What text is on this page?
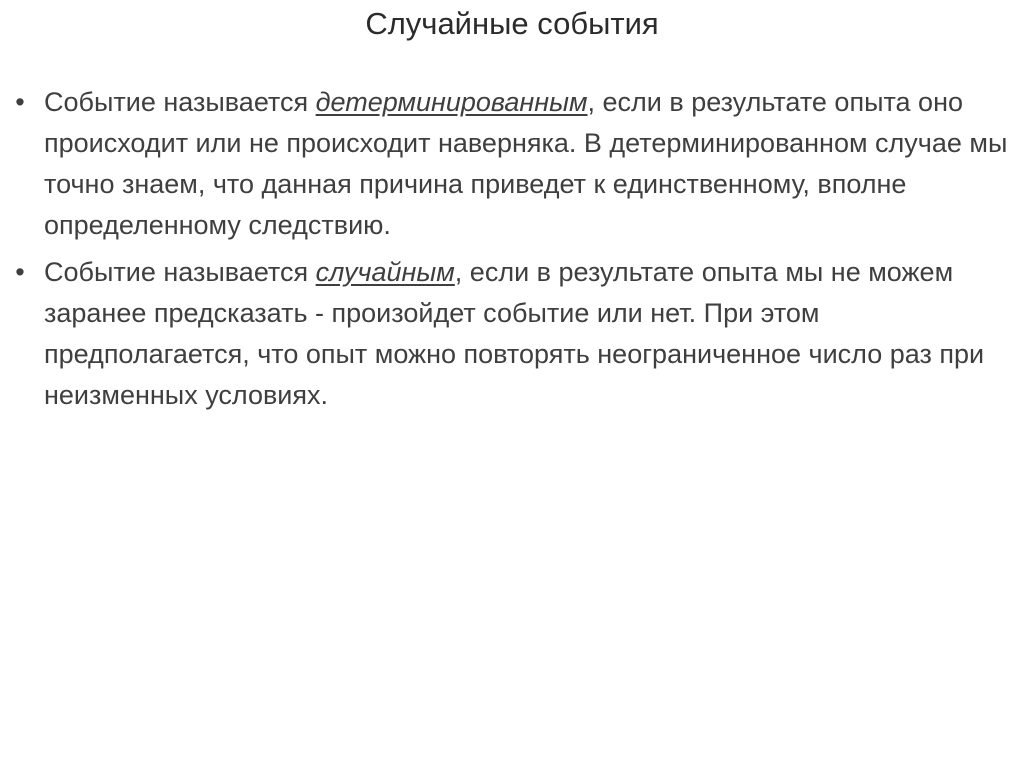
Случайные события
• Событие называется детерминированным, если в результате опыта оно происходит или не происходит наверняка. В детерминированном случае мы точно знаем, что данная причина приведет к единственному, вполне определенному следствию.
• Событие называется случайным, если в результате опыта мы не можем заранее предсказать - произойдет событие или нет. При этом предполагается, что опыт можно повторять неограниченное число раз при неизменных условиях.
